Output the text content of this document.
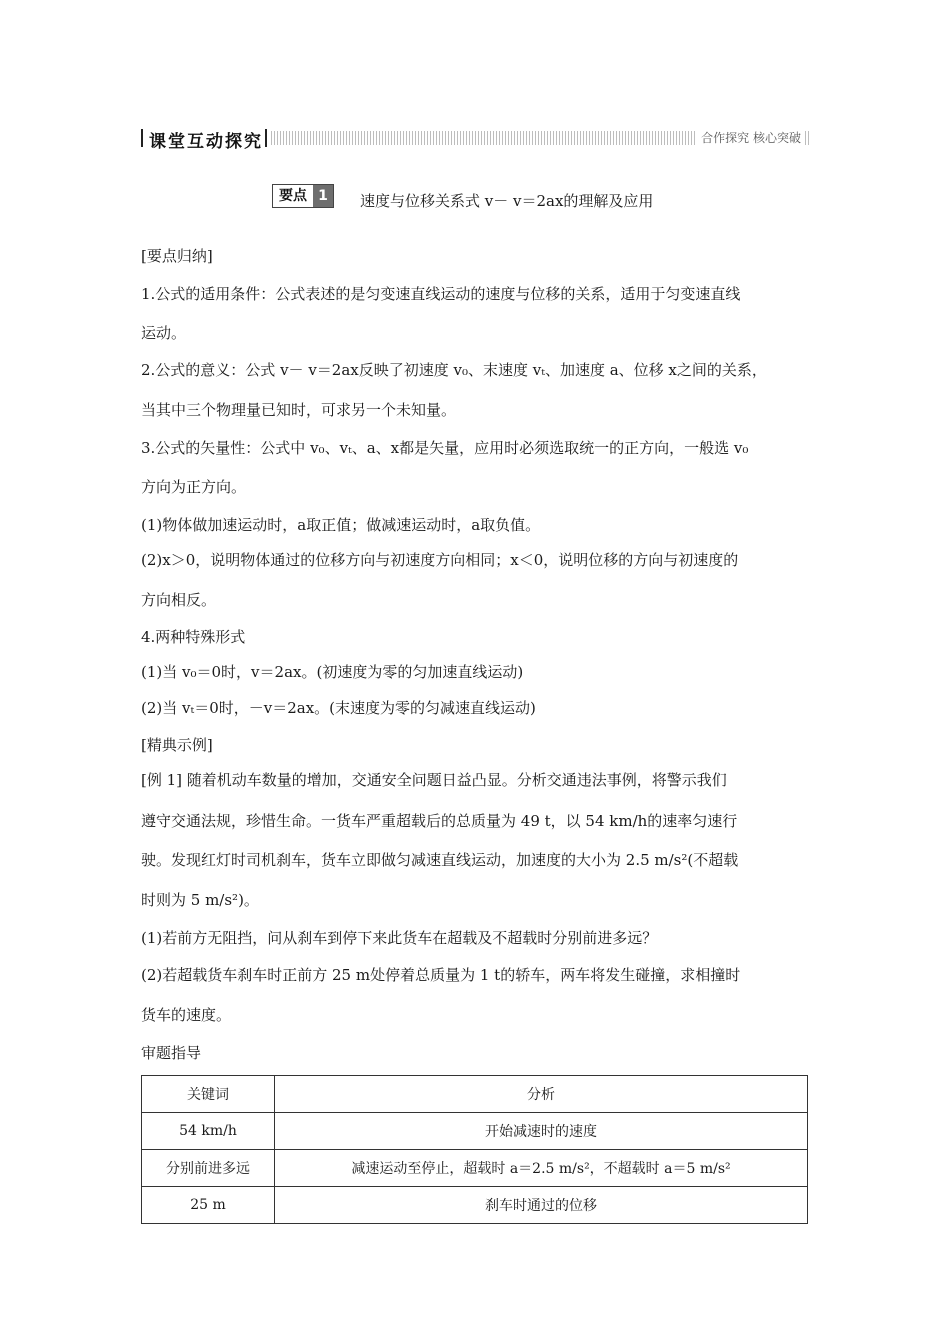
课堂互动探究	合作探究 核心突破
要点 1	速度与位移关系式 v－ v＝2ax的理解及应用
[要点归纳]
1.公式的适用条件：公式表述的是匀变速直线运动的速度与位移的关系，适用于匀变速直线
运动。
2.公式的意义：公式 v－ v＝2ax反映了初速度 v₀、末速度 vₜ、加速度 a、位移 x之间的关系，
当其中三个物理量已知时，可求另一个未知量。
3.公式的矢量性：公式中 v₀、vₜ、a、x都是矢量，应用时必须选取统一的正方向，一般选 v₀
方向为正方向。
(1)物体做加速运动时，a取正值；做减速运动时，a取负值。
(2)x＞0，说明物体通过的位移方向与初速度方向相同；x＜0，说明位移的方向与初速度的
方向相反。
4.两种特殊形式
(1)当 v₀＝0时，v＝2ax。(初速度为零的匀加速直线运动)
(2)当 vₜ＝0时，－v＝2ax。(末速度为零的匀减速直线运动)
[精典示例]
[例 1] 随着机动车数量的增加，交通安全问题日益凸显。分析交通违法事例，将警示我们
遵守交通法规，珍惜生命。一货车严重超载后的总质量为 49 t，以 54 km/h的速率匀速行
驶。发现红灯时司机刹车，货车立即做匀减速直线运动，加速度的大小为 2.5 m/s²(不超载
时则为 5 m/s²)。
(1)若前方无阻挡，问从刹车到停下来此货车在超载及不超载时分别前进多远？
(2)若超载货车刹车时正前方 25 m处停着总质量为 1 t的轿车，两车将发生碰撞，求相撞时
货车的速度。
审题指导
关键词	分析
54 km/h	开始减速时的速度
分别前进多远	减速运动至停止，超载时 a＝2.5 m/s²，不超载时 a＝5 m/s²
25 m	刹车时通过的位移
